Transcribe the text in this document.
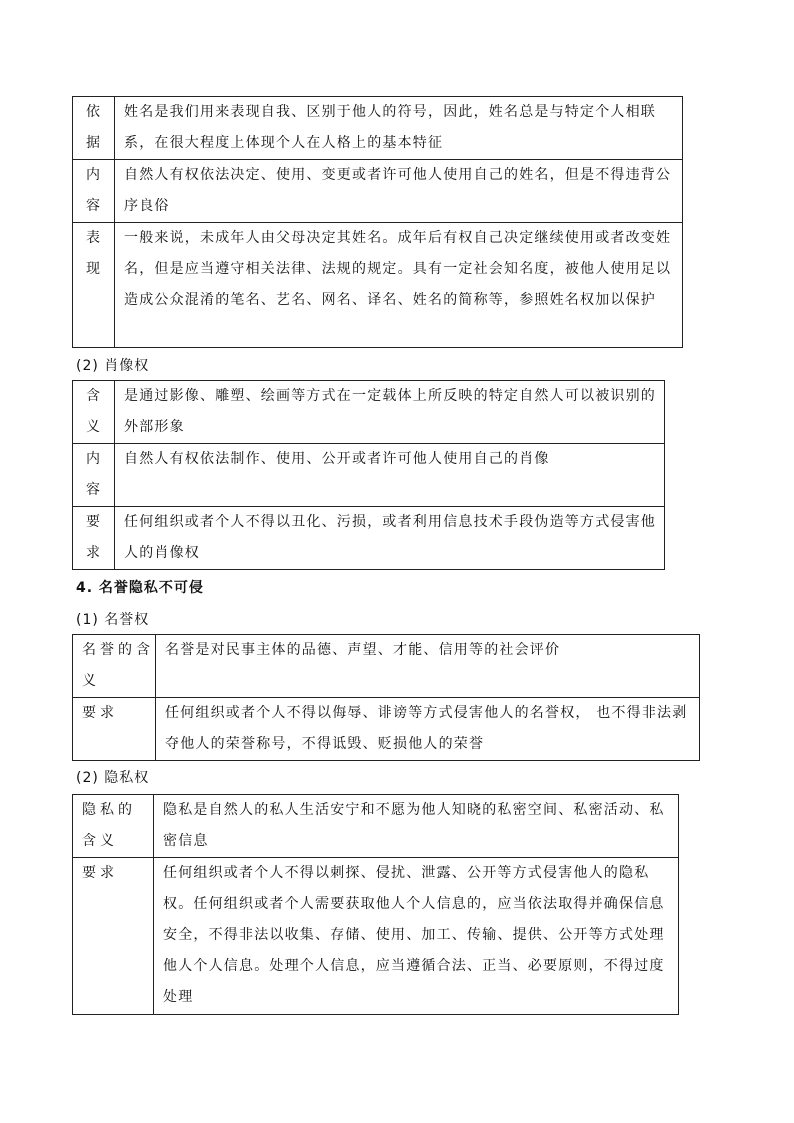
依据	姓名是我们用来表现自我、区别于他人的符号，因此，姓名总是与特定个人相联系，在很大程度上体现个人在人格上的基本特征

内容	自然人有权依法决定、使用、变更或者许可他人使用自己的姓名，但是不得违背公序良俗

表现	一般来说，未成年人由父母决定其姓名。成年后有权自己决定继续使用或者改变姓名，但是应当遵守相关法律、法规的规定。具有一定社会知名度，被他人使用足以造成公众混淆的笔名、艺名、网名、译名、姓名的简称等，参照姓名权加以保护
(2) 肖像权
含义	是通过影像、雕塑、绘画等方式在一定载体上所反映的特定自然人可以被识别的外部形象

内容	自然人有权依法制作、使用、公开或者许可他人使用自己的肖像

要求	任何组织或者个人不得以丑化、污损，或者利用信息技术手段伪造等方式侵害他人的肖像权
4. 名誉隐私不可侵
(1) 名誉权
名誉的含义	名誉是对民事主体的品德、声望、才能、信用等的社会评价
要求	任何组织或者个人不得以侮辱、诽谤等方式侵害他人的名誉权， 也不得非法剥夺他人的荣誉称号，不得诋毁、贬损他人的荣誉
(2) 隐私权
隐私的含义	隐私是自然人的私人生活安宁和不愿为他人知晓的私密空间、私密活动、私密信息
要求	任何组织或者个人不得以刺探、侵扰、泄露、公开等方式侵害他人的隐私权。任何组织或者个人需要获取他人个人信息的，应当依法取得并确保信息安全，不得非法以收集、存储、使用、加工、传输、提供、公开等方式处理他人个人信息。处理个人信息，应当遵循合法、正当、必要原则，不得过度处理
